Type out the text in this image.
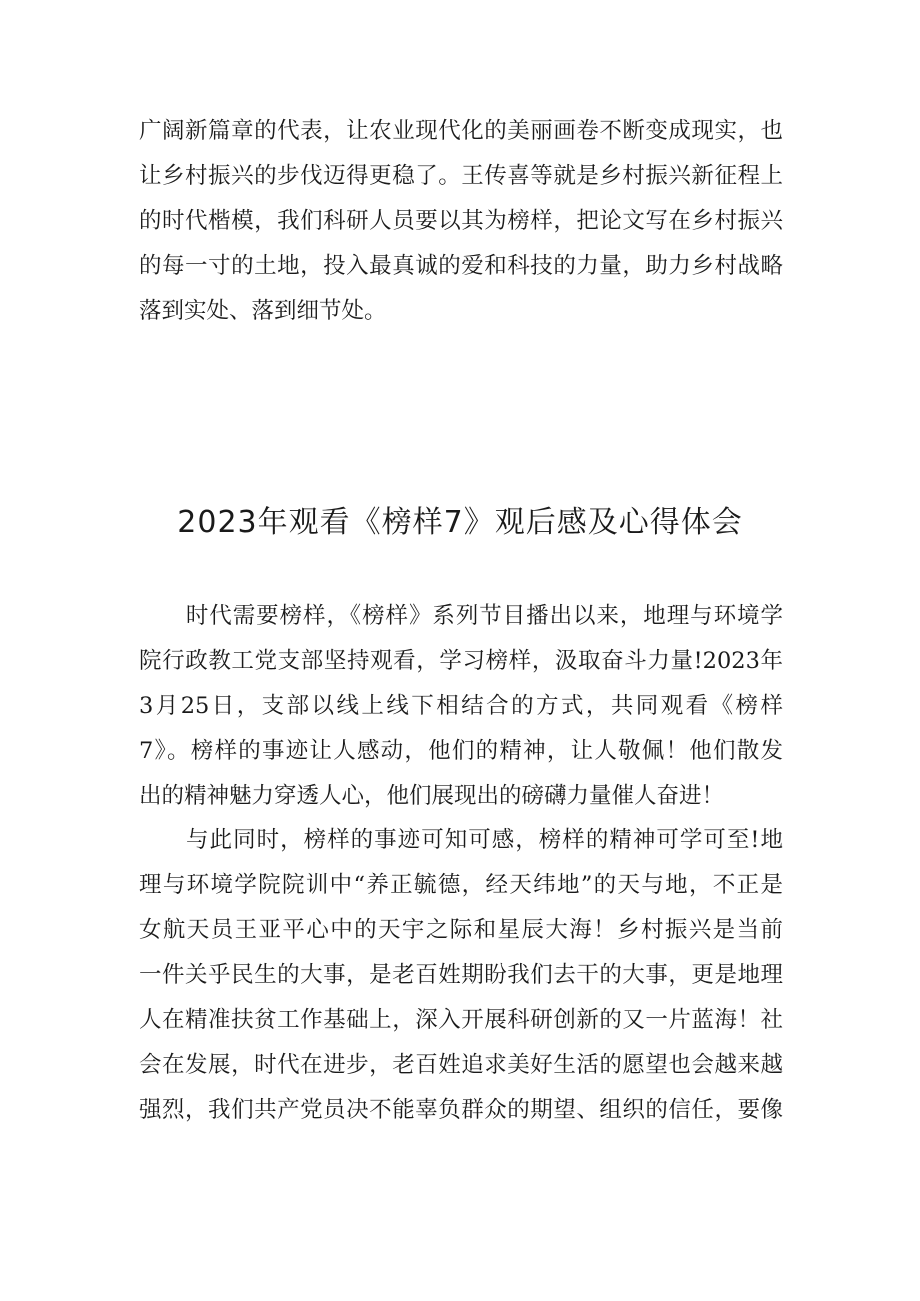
广阔新篇章的代表，让农业现代化的美丽画卷不断变成现实，也
让乡村振兴的步伐迈得更稳了。王传喜等就是乡村振兴新征程上
的时代楷模，我们科研人员要以其为榜样，把论文写在乡村振兴
的每一寸的土地，投入最真诚的爱和科技的力量，助力乡村战略
落到实处、落到细节处。
2023年观看《榜样7》观后感及心得体会
　　时代需要榜样，《榜样》系列节目播出以来，地理与环境学
院行政教工党支部坚持观看，学习榜样，汲取奋斗力量!2023年
3月25日，支部以线上线下相结合的方式，共同观看《榜样
7》。榜样的事迹让人感动，他们的精神，让人敬佩！他们散发
出的精神魅力穿透人心，他们展现出的磅礴力量催人奋进！
　　与此同时，榜样的事迹可知可感，榜样的精神可学可至!地
理与环境学院院训中“养正毓德，经天纬地”的天与地，不正是
女航天员王亚平心中的天宇之际和星辰大海！乡村振兴是当前
一件关乎民生的大事，是老百姓期盼我们去干的大事，更是地理
人在精准扶贫工作基础上，深入开展科研创新的又一片蓝海！社
会在发展，时代在进步，老百姓追求美好生活的愿望也会越来越
强烈，我们共产党员决不能辜负群众的期望、组织的信任，要像
